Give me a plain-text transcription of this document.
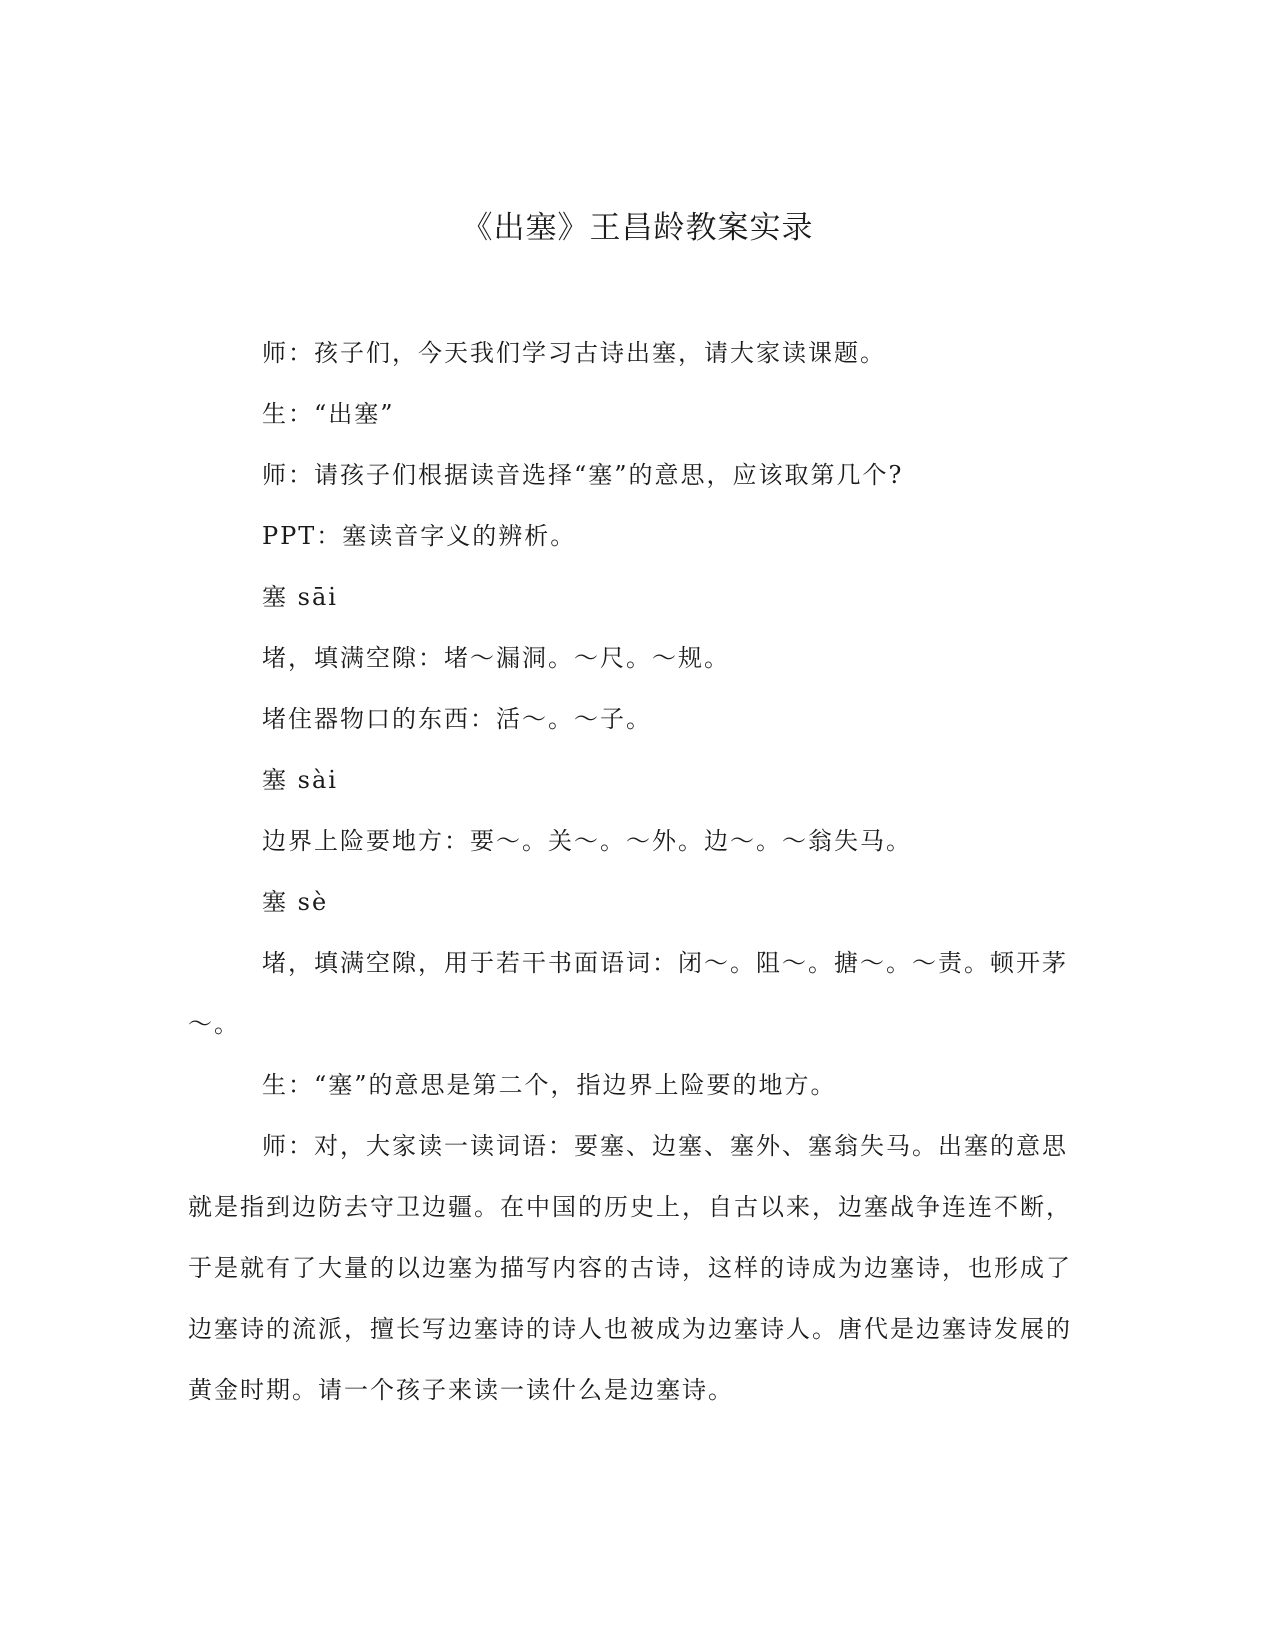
《出塞》王昌龄教案实录

师：孩子们，今天我们学习古诗出塞，请大家读课题。

生：“出塞”

师：请孩子们根据读音选择“塞”的意思，应该取第几个?

PPT：塞读音字义的辨析。

塞 sāi

堵，填满空隙：堵～漏洞。～尺。～规。

堵住器物口的东西：活～。～子。

塞 sài

边界上险要地方：要～。关～。～外。边～。～翁失马。

塞 sè

堵，填满空隙，用于若干书面语词：闭～。阻～。搪～。～责。顿开茅～。

生：“塞”的意思是第二个，指边界上险要的地方。

师：对，大家读一读词语：要塞、边塞、塞外、塞翁失马。出塞的意思就是指到边防去守卫边疆。在中国的历史上，自古以来，边塞战争连连不断，于是就有了大量的以边塞为描写内容的古诗，这样的诗成为边塞诗，也形成了边塞诗的流派，擅长写边塞诗的诗人也被成为边塞诗人。唐代是边塞诗发展的黄金时期。请一个孩子来读一读什么是边塞诗。
